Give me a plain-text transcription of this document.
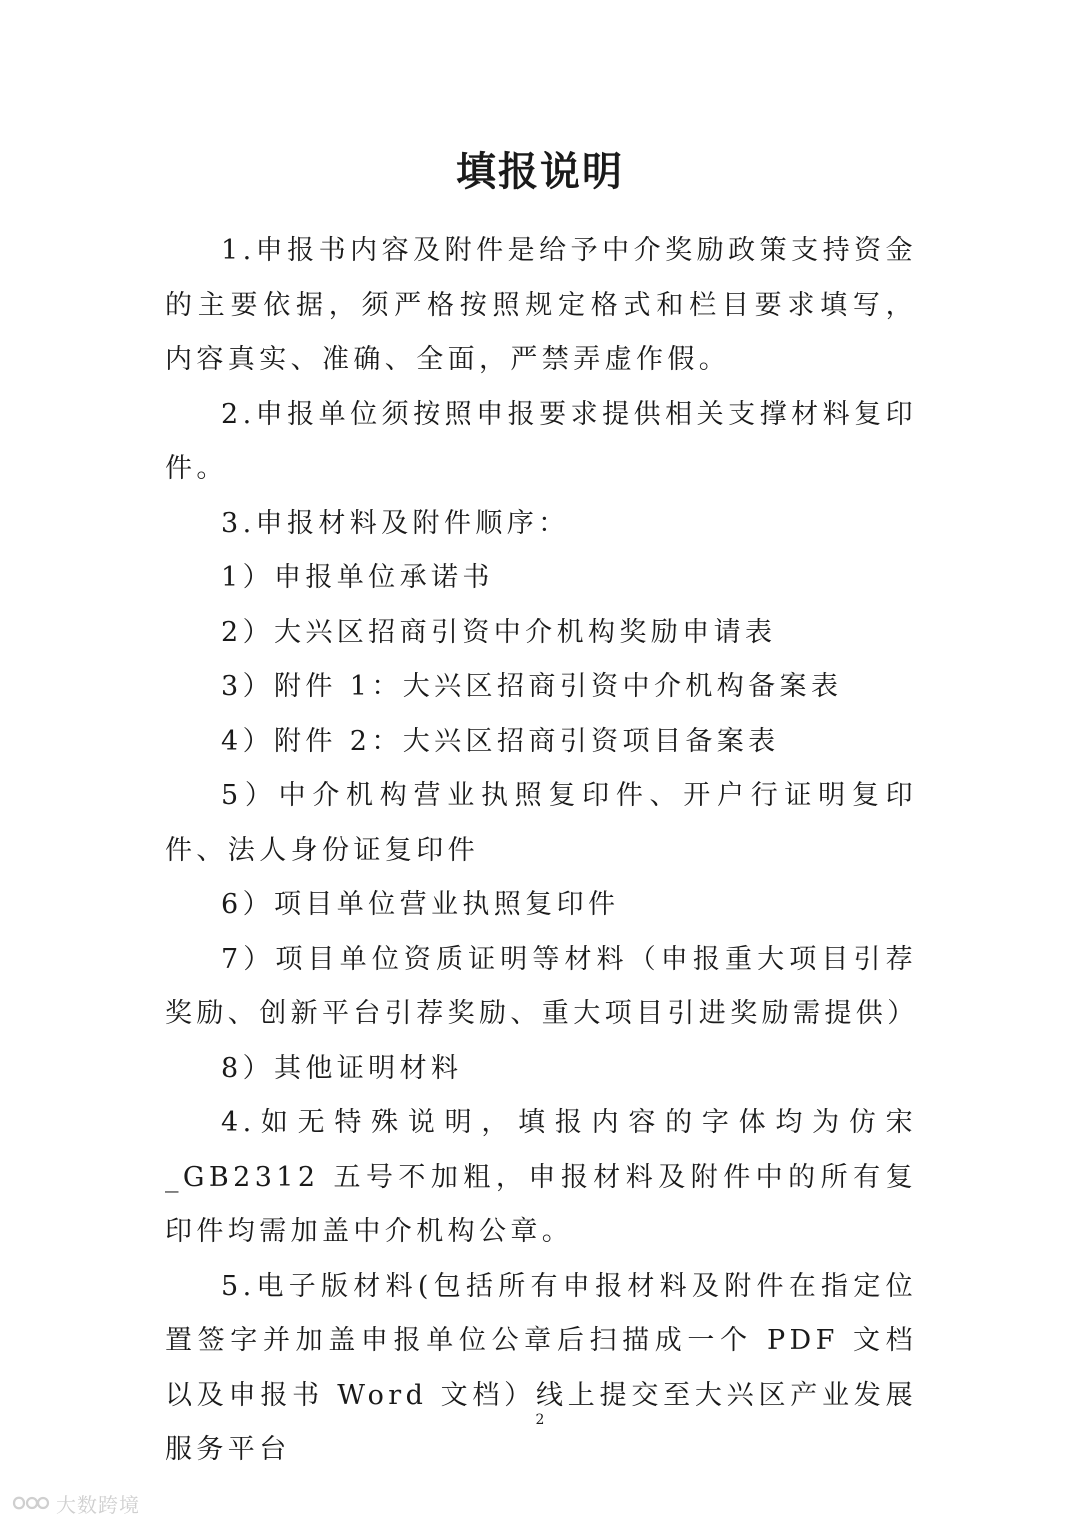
填报说明

1.申报书内容及附件是给予中介奖励政策支持资金的主要依据，须严格按照规定格式和栏目要求填写，内容真实、准确、全面，严禁弄虚作假。

2.申报单位须按照申报要求提供相关支撑材料复印件。

3.申报材料及附件顺序：

1）申报单位承诺书

2）大兴区招商引资中介机构奖励申请表

3）附件 1：大兴区招商引资中介机构备案表

4）附件 2：大兴区招商引资项目备案表

5）中介机构营业执照复印件、开户行证明复印件、法人身份证复印件

6）项目单位营业执照复印件

7）项目单位资质证明等材料（申报重大项目引荐奖励、创新平台引荐奖励、重大项目引进奖励需提供）

8）其他证明材料

4.如无特殊说明，填报内容的字体均为仿宋_GB2312 五号不加粗，申报材料及附件中的所有复印件均需加盖中介机构公章。

5.电子版材料(包括所有申报材料及附件在指定位置签字并加盖申报单位公章后扫描成一个 PDF 文档以及申报书 Word 文档）线上提交至大兴区产业发展服务平台

2
大数跨境
